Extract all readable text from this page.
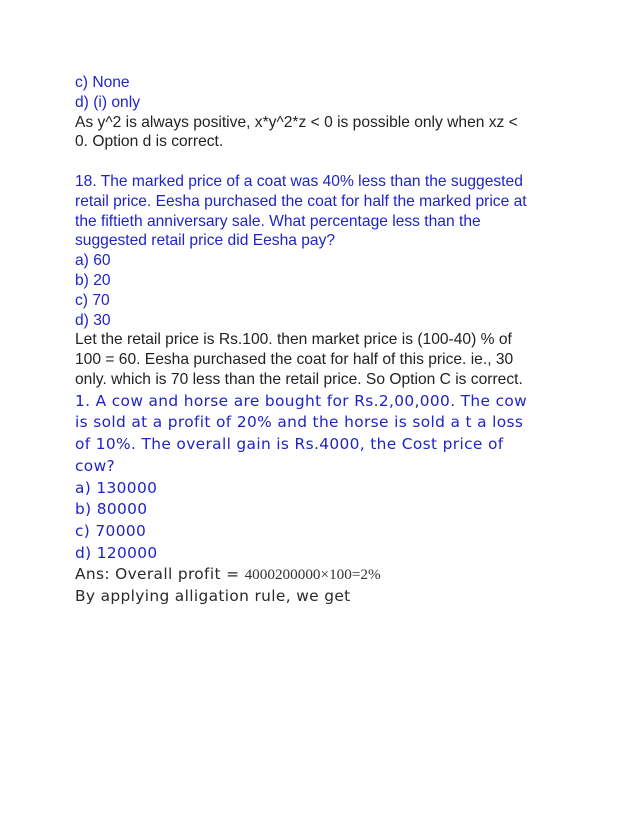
c) None
d) (i) only
As y^2 is always positive, x*y^2*z < 0 is possible only when xz <
0. Option d is correct.
18. The marked price of a coat was 40% less than the suggested
retail price. Eesha purchased the coat for half the marked price at
the fiftieth anniversary sale. What percentage less than the
suggested retail price did Eesha pay?
a) 60
b) 20
c) 70
d) 30
Let the retail price is Rs.100. then market price is (100-40) % of
100 = 60. Eesha purchased the coat for half of this price. ie., 30
only. which is 70 less than the retail price. So Option C is correct.
1. A cow and horse are bought for Rs.2,00,000. The cow
is sold at a profit of 20% and the horse is sold a t a loss
of 10%. The overall gain is Rs.4000, the Cost price of
cow?
a) 130000
b) 80000
c) 70000
d) 120000
Ans: Overall profit = 4000200000×100=2%
By applying alligation rule, we get
